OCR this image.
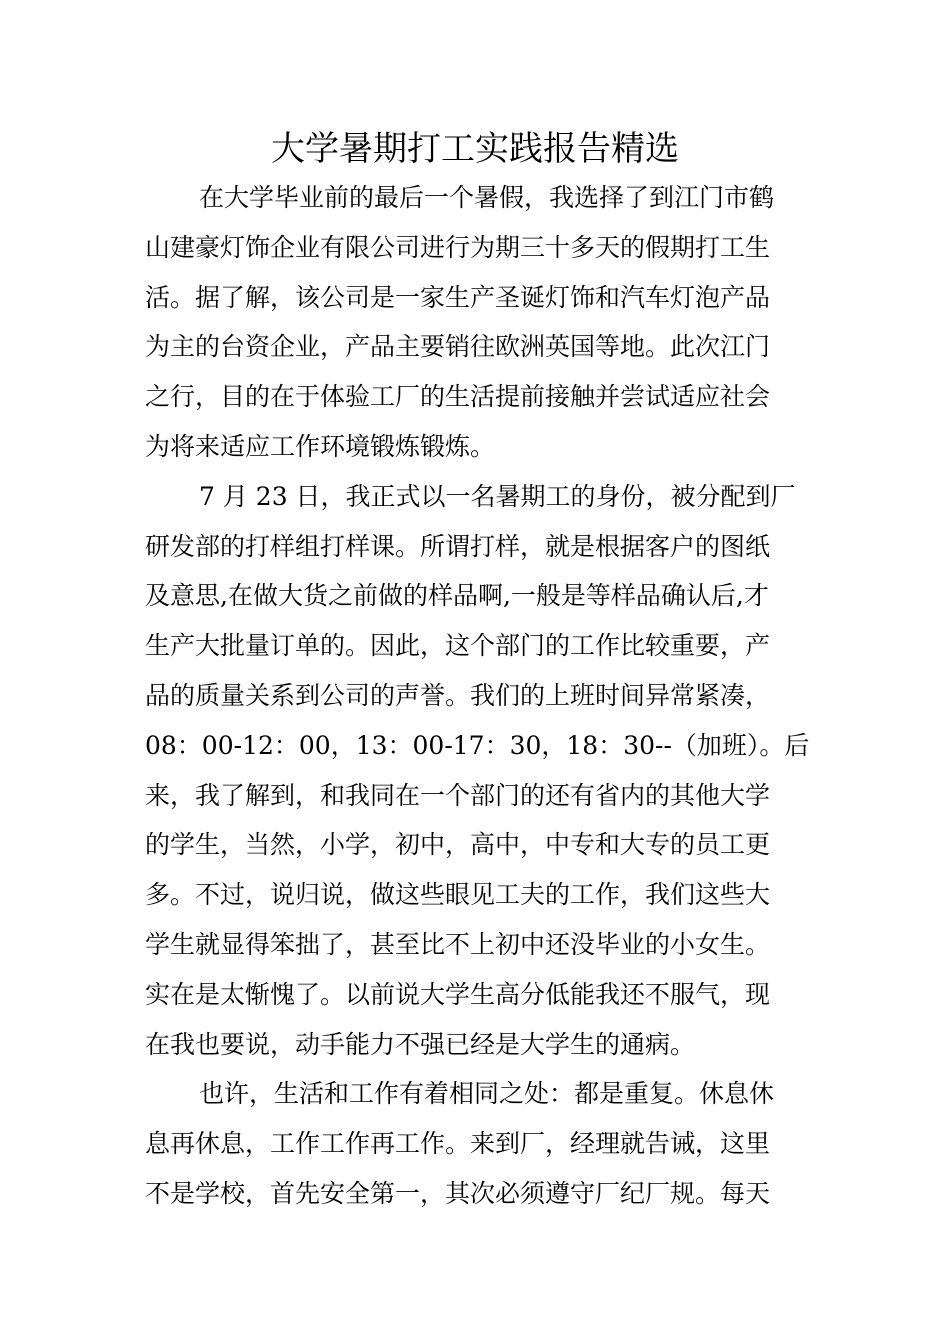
大学暑期打工实践报告精选
在大学毕业前的最后一个暑假，我选择了到江门市鹤
山建豪灯饰企业有限公司进行为期三十多天的假期打工生
活。据了解，该公司是一家生产圣诞灯饰和汽车灯泡产品
为主的台资企业，产品主要销往欧洲英国等地。此次江门
之行，目的在于体验工厂的生活提前接触并尝试适应社会
为将来适应工作环境锻炼锻炼。
7 月 23 日，我正式以一名暑期工的身份，被分配到厂
研发部的打样组打样课。所谓打样，就是根据客户的图纸
及意思,在做大货之前做的样品啊,一般是等样品确认后,才
生产大批量订单的。因此，这个部门的工作比较重要，产
品的质量关系到公司的声誉。我们的上班时间异常紧凑，
08：00-12：00，13：00-17：30，18：30--（加班）。后
来，我了解到，和我同在一个部门的还有省内的其他大学
的学生，当然，小学，初中，高中，中专和大专的员工更
多。不过，说归说，做这些眼见工夫的工作，我们这些大
学生就显得笨拙了，甚至比不上初中还没毕业的小女生。
实在是太惭愧了。以前说大学生高分低能我还不服气，现
在我也要说，动手能力不强已经是大学生的通病。
也许，生活和工作有着相同之处：都是重复。休息休
息再休息，工作工作再工作。来到厂，经理就告诫，这里
不是学校，首先安全第一，其次必须遵守厂纪厂规。每天
